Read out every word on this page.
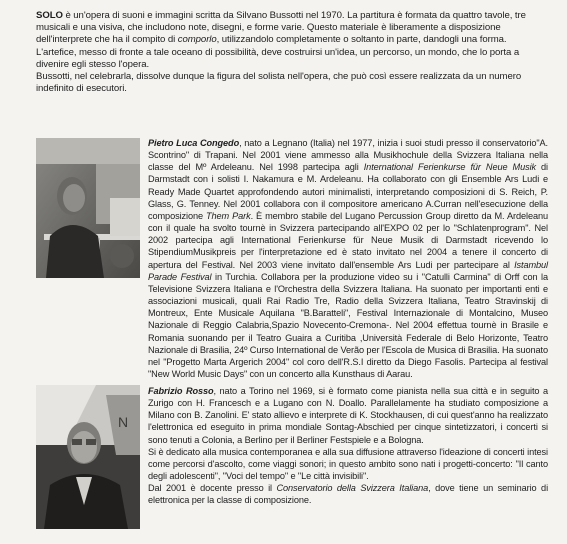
SOLO è un'opera di suoni e immagini scritta da Silvano Bussotti nel 1970. La partitura è formata da quattro tavole, tre musicali e una visiva, che includono note, disegni, e forme varie. Questo materiale è liberamente a disposizione dell'interprete che ha il compito di comporlo, utilizzandolo completamente o soltanto in parte, dandogli una forma. L'artefice, messo di fronte a tale oceano di possibilità, deve costruirsi un'idea, un percorso, un mondo, che lo porta a divenire egli stesso l'opera.

Bussotti, nel celebrarla, dissolve dunque la figura del solista nell'opera, che può così essere realizzata da un numero indefinito di esecutori.

Pietro Luca Congedo, nato a Legnano (Italia) nel 1977, inizia i suoi studi presso il conservatorio"A. Scontrino" di Trapani. Nel 2001 viene ammesso alla Musikhochule della Svizzera Italiana nella classe del Mº Ardeleanu. Nel 1998 partecipa agli International Ferienkurse für Neue Musik di Darmstadt con i solisti I. Nakamura e M. Ardeleanu. Ha collaborato con gli Ensemble Ars Ludi e Ready Made Quartet approfondendo autori minimalisti, interpretando composizioni di S. Reich, P. Glass, G. Tenney. Nel 2001 collabora con il compositore americano A.Curran nell'esecuzione della composizione Them Park. È membro stabile del Lugano Percussion Group diretto da M. Ardeleanu con il quale ha svolto tournè in Svizzera partecipando all'EXPO 02 per lo "Schlatenprogram". Nel 2002 partecipa agli International Ferienkurse für Neue Musik di Darmstadt ricevendo lo StipendiumMusikpreis per l'interpretazione ed è stato invitato nel 2004 a tenere il concerto di apertura del Festival. Nel 2003 viene invitato dall'ensemble Ars Ludi per partecipare al Istambul Parade Festival in Turchia. Collabora per la produzione video su i "Catulli Carmina" di Orff con la Televisione Svizzera Italiana e l'Orchestra della Svizzera Italiana. Ha suonato per importanti enti e associazioni musicali, quali Rai Radio Tre, Radio della Svizzera Italiana, Teatro Stravinskij di Montreux, Ente Musicale Aquilana "B.Baratteli", Festival Internazionale di Montalcino, Museo Nazionale di Reggio Calabria,Spazio Novecento-Cremona-. Nel 2004 effettua tournè in Brasile e Romania suonando per il Teatro Guaira a Curitiba ,Università Federale di Belo Horizonte, Teatro Nazionale di Brasilia, 24º Curso International de Verão per l'Escola de Musica di Brasilia. Ha suonato nel "Progetto Marta Argerich 2004" col coro dell'R.S.I diretto da Diego Fasolis. Partecipa al festival "New World Music Days" con un concerto alla Kunsthaus di Aarau.

N

Fabrizio Rosso, nato a Torino nel 1969, si è formato come pianista nella sua città e in seguito a Zurigo con H. Francesch e a Lugano con N. Doallo. Parallelamente ha studiato composizione a Milano con B. Zanolini. E' stato allievo e interprete di K. Stockhausen, di cui quest'anno ha realizzato l'elettronica ed eseguito in prima mondiale Sontag-Abschied per cinque sintetizzatori, i concerti si sono tenuti a Colonia, a Berlino per il Berliner Festspiele e a Bologna.

Si è dedicato alla musica contemporanea e alla sua diffusione attraverso l'ideazione di concerti intesi come percorsi d'ascolto, come viaggi sonori; in questo ambito sono nati i progetti-concerto: "Il canto degli adolescenti", "Voci del tempo" e "Le città invisibili".

Dal 2001 è docente presso il Conservatorio della Svizzera Italiana, dove tiene un seminario di elettronica per la classe di composizione.
